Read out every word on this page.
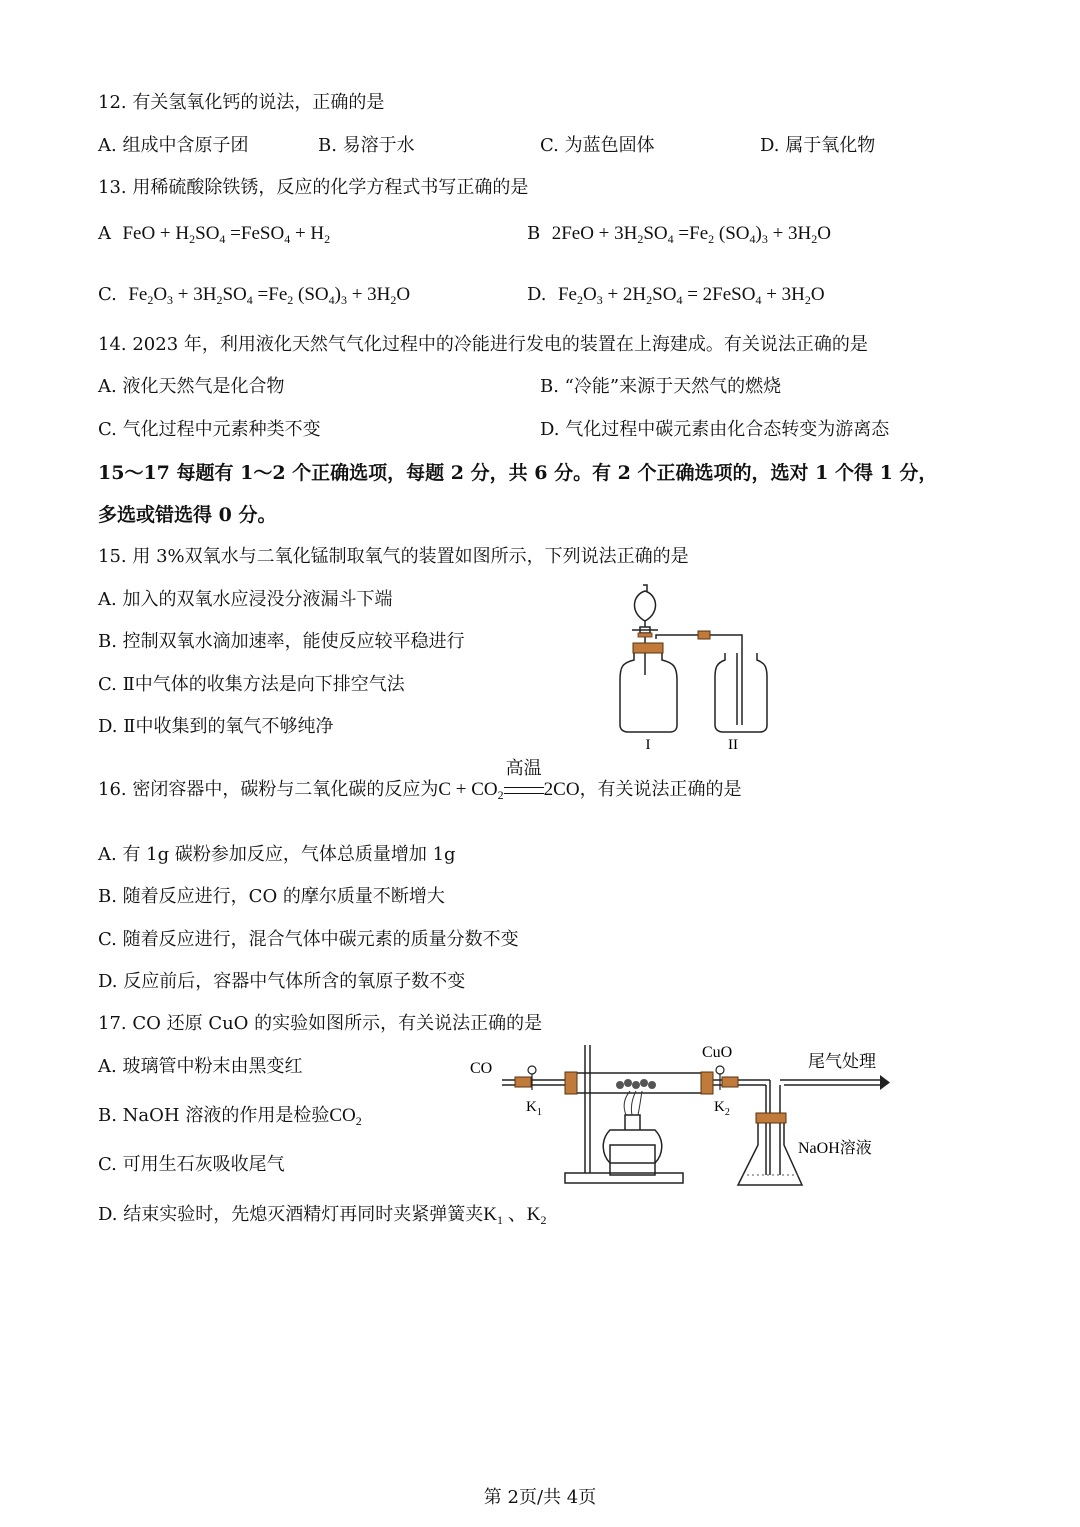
12. 有关氢氧化钙的说法，正确的是
A. 组成中含原子团	B. 易溶于水	C. 为蓝色固体	D. 属于氧化物
13. 用稀硫酸除铁锈，反应的化学方程式书写正确的是
A FeO + $H_2SO_4$ =FeSO$_4$ + $H_2$	B $2FeO + 3H_2SO_4 =Fe_2$ $(SO_4)_3 + 3H_2O$
C. $Fe_2O_3 + 3H_2SO_4 =Fe_2$ $(SO_4)_3 + 3H_2O$	D. $Fe_2O_3 + 2H_2SO_4$ = 2FeSO$_4$ + $3H_2O$
14. 2023 年，利用液化天然气气化过程中的冷能进行发电的装置在上海建成。有关说法正确的是
A. 液化天然气是化合物	B. “冷能”来源于天然气的燃烧
C. 气化过程中元素种类不变	D. 气化过程中碳元素由化合态转变为游离态
15～17 每题有 1～2 个正确选项，每题 2 分，共 6 分。有 2 个正确选项的，选对 1 个得 1 分，
多选或错选得 0 分。
15. 用 3%双氧水与二氧化锰制取氧气的装置如图所示，下列说法正确的是
A. 加入的双氧水应浸没分液漏斗下端
B. 控制双氧水滴加速率，能使反应较平稳进行
C. Ⅱ中气体的收集方法是向下排空气法
D. Ⅱ中收集到的氧气不够纯净
I	II
16. 密闭容器中，碳粉与二氧化碳的反应为$C + CO_2$
高温
2CO，有关说法正确的是
A. 有 1g 碳粉参加反应，气体总质量增加 1g
B. 随着反应进行，CO 的摩尔质量不断增大
C. 随着反应进行，混合气体中碳元素的质量分数不变
D. 反应前后，容器中气体所含的氧原子数不变
17. CO 还原 CuO 的实验如图所示，有关说法正确的是
A. 玻璃管中粉末由黑变红
B. NaOH 溶液的作用是检验$CO_2$
C. 可用生石灰吸收尾气
D. 结束实验时，先熄灭酒精灯再同时夹紧弹簧夹$K_1$ 、$K_2$
CO
CuO	尾气处理
NaOH溶液
$K_1$	$K_2$
第 2页/共 4页
